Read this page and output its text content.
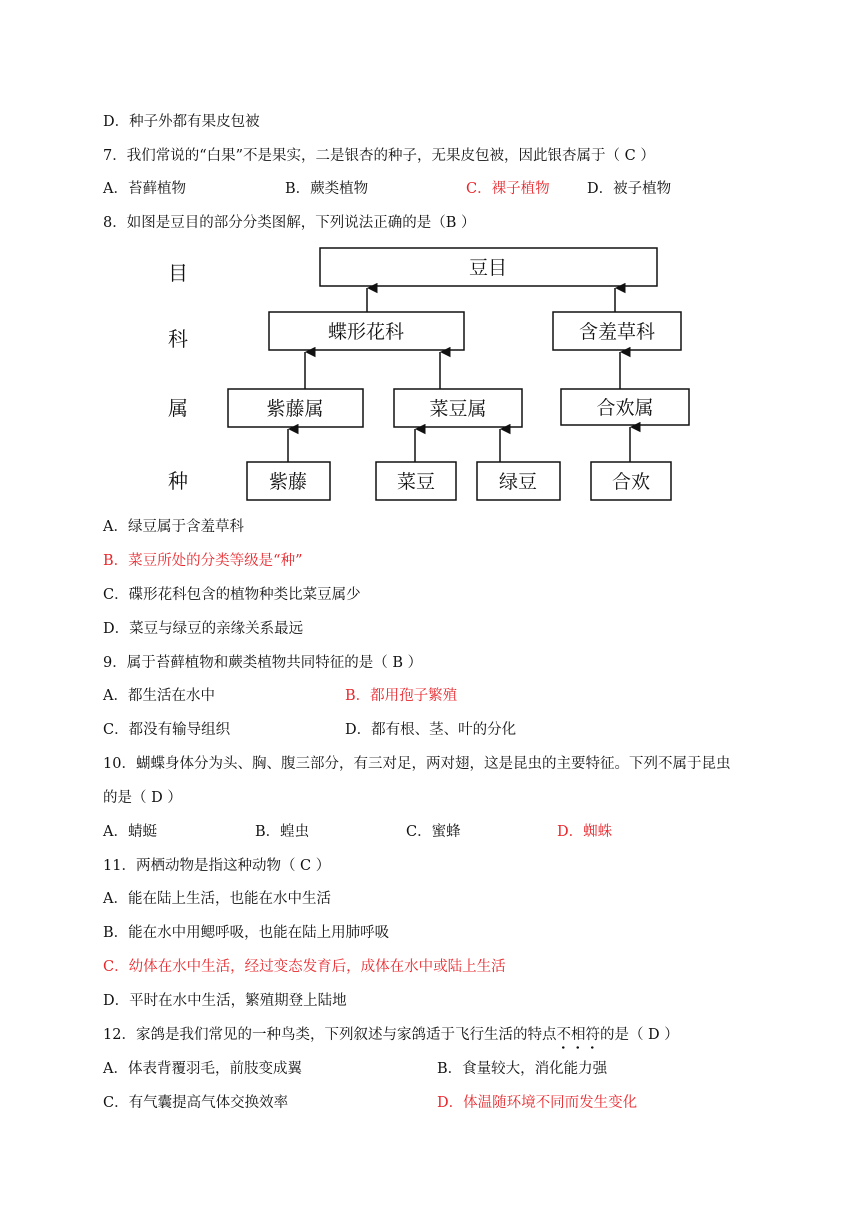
D．种子外都有果皮包被
7．我们常说的“白果”不是果实，二是银杏的种子，无果皮包被，因此银杏属于（ C ）
A．苔藓植物	B．蕨类植物	C．裸子植物	D．被子植物
8．如图是豆目的部分分类图解，下列说法正确的是（B ）
目
科
属
种
豆目
蝶形花科	含羞草科
紫藤属	菜豆属	合欢属
紫藤	菜豆	绿豆	合欢
A．绿豆属于含羞草科
B．菜豆所处的分类等级是“种”
C．碟形花科包含的植物种类比菜豆属少
D．菜豆与绿豆的亲缘关系最远
9．属于苔藓植物和蕨类植物共同特征的是（ B ）
A．都生活在水中	B．都用孢子繁殖
C．都没有输导组织	D．都有根、茎、叶的分化
10．蝴蝶身体分为头、胸、腹三部分，有三对足，两对翅，这是昆虫的主要特征。下列不属于昆虫
的是（ D ）
A．蜻蜓	B．蝗虫	C．蜜蜂	D．蜘蛛
11．两栖动物是指这种动物（ C ）
A．能在陆上生活，也能在水中生活
B．能在水中用鳃呼吸，也能在陆上用肺呼吸
C．幼体在水中生活，经过变态发育后，成体在水中或陆上生活
D．平时在水中生活，繁殖期登上陆地
12．家鸽是我们常见的一种鸟类，下列叙述与家鸽适于飞行生活的特点不相符的是（ D ）
A．体表背覆羽毛，前肢变成翼	B．食量较大，消化能力强
C．有气囊提高气体交换效率	D．体温随环境不同而发生变化
